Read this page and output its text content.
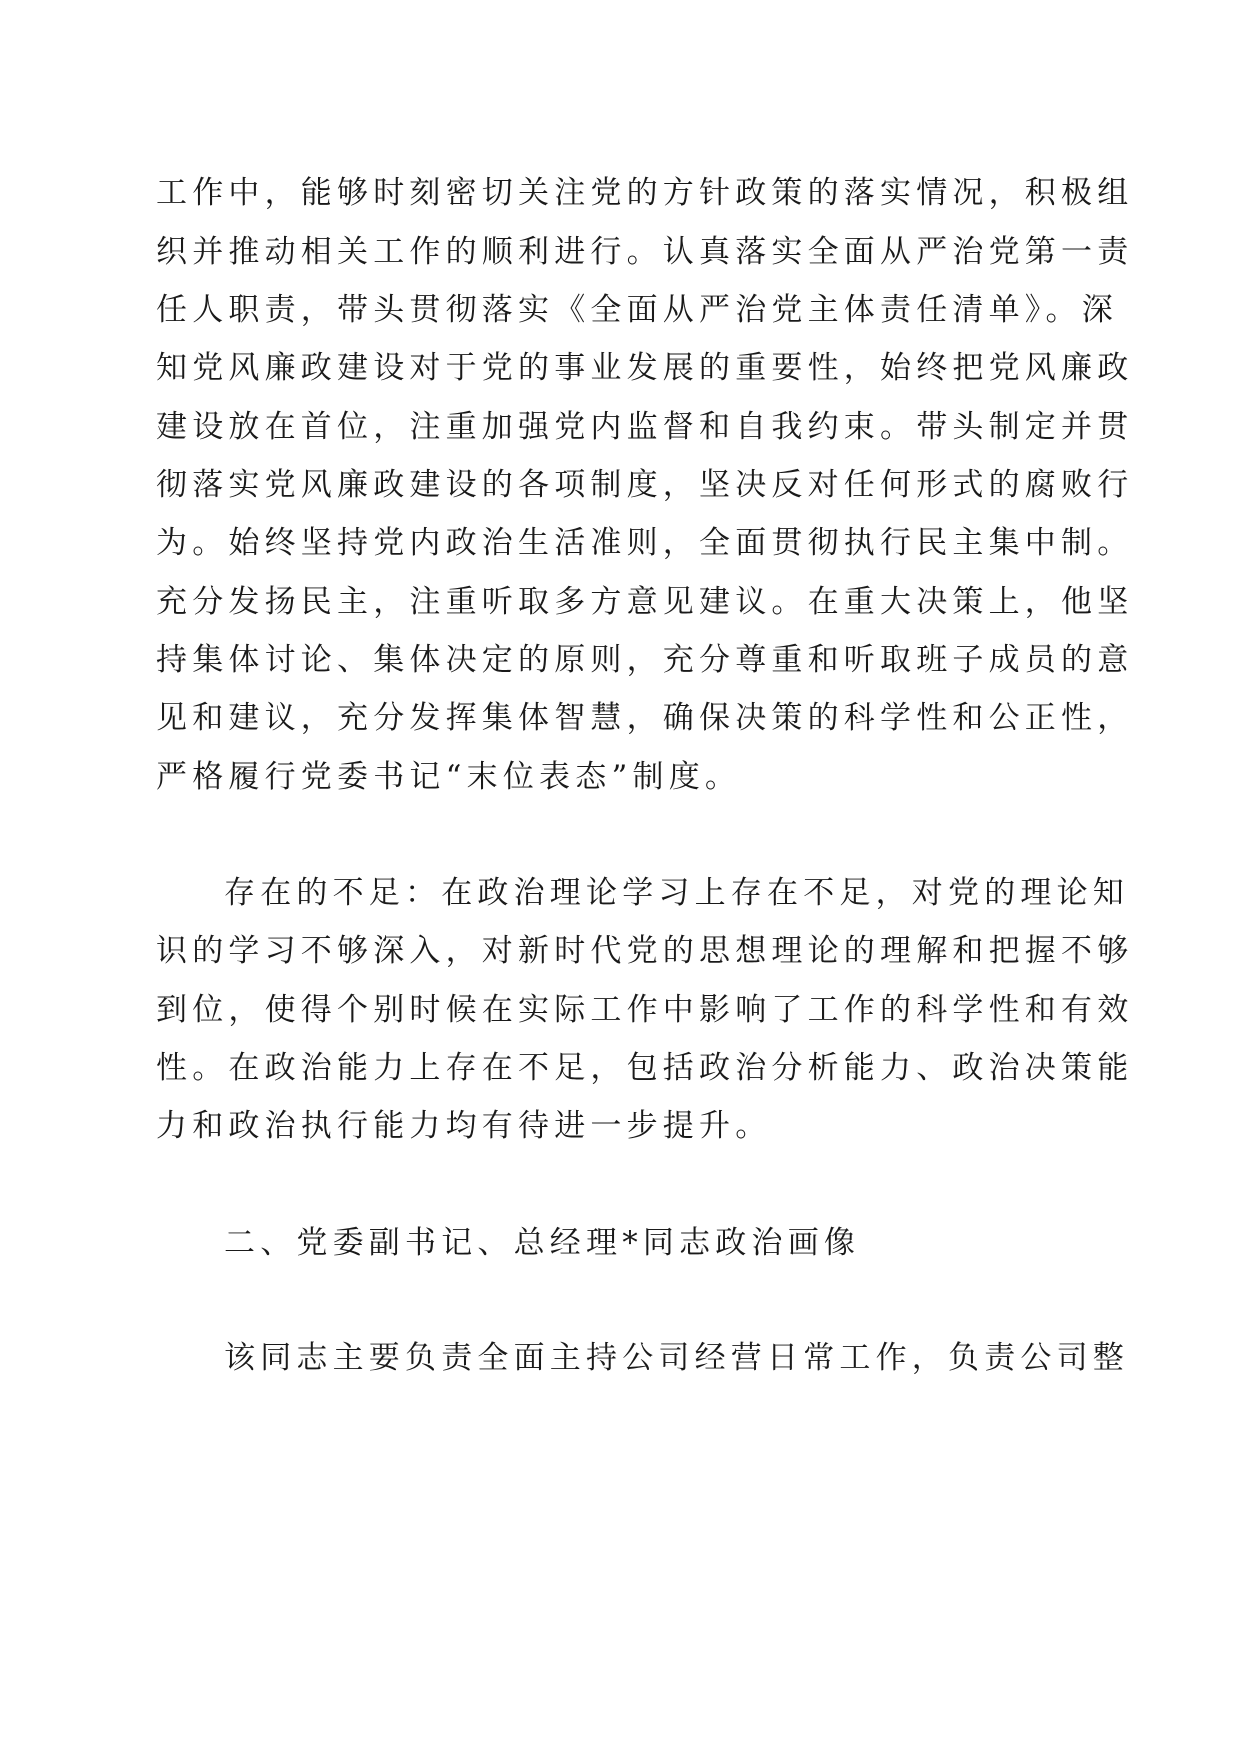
工作中，能够时刻密切关注党的方针政策的落实情况，积极组
织并推动相关工作的顺利进行。认真落实全面从严治党第一责
任人职责，带头贯彻落实《全面从严治党主体责任清单》。深
知党风廉政建设对于党的事业发展的重要性，始终把党风廉政
建设放在首位，注重加强党内监督和自我约束。带头制定并贯
彻落实党风廉政建设的各项制度，坚决反对任何形式的腐败行
为。始终坚持党内政治生活准则，全面贯彻执行民主集中制。
充分发扬民主，注重听取多方意见建议。在重大决策上，他坚
持集体讨论、集体决定的原则，充分尊重和听取班子成员的意
见和建议，充分发挥集体智慧，确保决策的科学性和公正性，
严格履行党委书记“末位表态”制度。
存在的不足：在政治理论学习上存在不足，对党的理论知
识的学习不够深入，对新时代党的思想理论的理解和把握不够
到位，使得个别时候在实际工作中影响了工作的科学性和有效
性。在政治能力上存在不足，包括政治分析能力、政治决策能
力和政治执行能力均有待进一步提升。
二、党委副书记、总经理*同志政治画像
该同志主要负责全面主持公司经营日常工作，负责公司整
